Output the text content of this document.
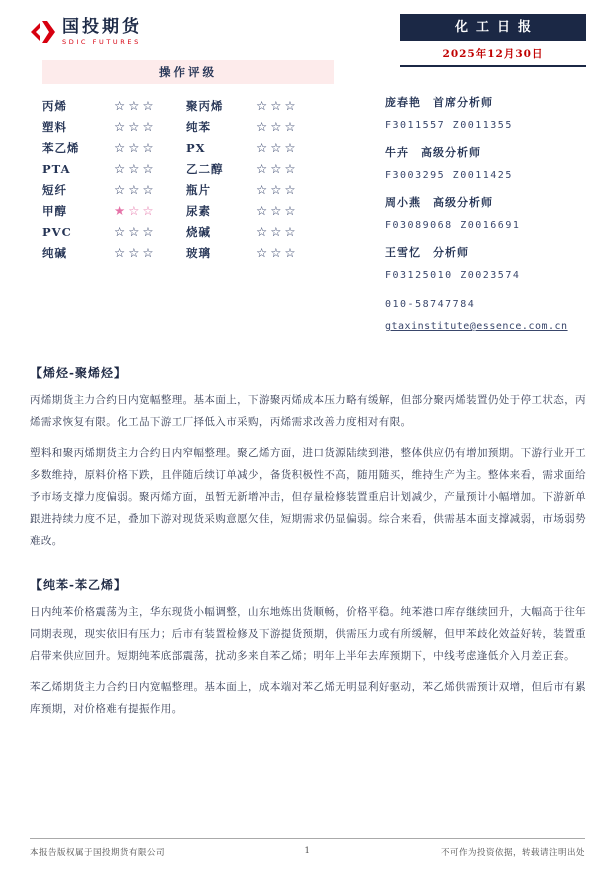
国投期货
SDIC FUTURES
化工日报
2025年12月30日
操作评级
丙烯	☆☆☆	聚丙烯	☆☆☆
塑料	☆☆☆	纯苯	☆☆☆
苯乙烯	☆☆☆	PX	☆☆☆
PTA	☆☆☆	乙二醇	☆☆☆
短纤	☆☆☆	瓶片	☆☆☆
甲醇	★☆☆	尿素	☆☆☆
PVC	☆☆☆	烧碱	☆☆☆
纯碱	☆☆☆	玻璃	☆☆☆
庞春艳 首席分析师
F3011557 Z0011355
牛卉 高级分析师
F3003295 Z0011425
周小燕 高级分析师
F03089068 Z0016691
王雪忆 分析师
F03125010 Z0023574
010-58747784
gtaxinstitute@essence.com.cn
【烯烃-聚烯烃】

丙烯期货主力合约日内宽幅整理。基本面上，下游聚丙烯成本压力略有缓解，但部分聚丙烯装置仍处于停工状态，丙烯需求恢复有限。化工品下游工厂择低入市采购，丙烯需求改善力度相对有限。

塑料和聚丙烯期货主力合约日内窄幅整理。聚乙烯方面，进口货源陆续到港，整体供应仍有增加预期。下游行业开工多数维持，原料价格下跌，且伴随后续订单减少，备货积极性不高，随用随买，维持生产为主。整体来看，需求面给予市场支撑力度偏弱。聚丙烯方面，虽暂无新增冲击，但存量检修装置重启计划减少，产量预计小幅增加。下游新单跟进持续力度不足，叠加下游对现货采购意愿欠佳，短期需求仍显偏弱。综合来看，供需基本面支撑减弱，市场弱势难改。

【纯苯-苯乙烯】

日内纯苯价格震荡为主，华东现货小幅调整，山东地炼出货顺畅，价格平稳。纯苯港口库存继续回升，大幅高于往年同期表现，现实依旧有压力；后市有装置检修及下游提货预期，供需压力或有所缓解，但甲苯歧化效益好转，装置重启带来供应回升。短期纯苯底部震荡，扰动多来自苯乙烯；明年上半年去库预期下，中线考虑逢低介入月差正套。

苯乙烯期货主力合约日内宽幅整理。基本面上，成本端对苯乙烯无明显利好驱动，苯乙烯供需预计双增，但后市有累库预期，对价格难有提振作用。

本报告版权属于国投期货有限公司	1	不可作为投资依据，转载请注明出处
